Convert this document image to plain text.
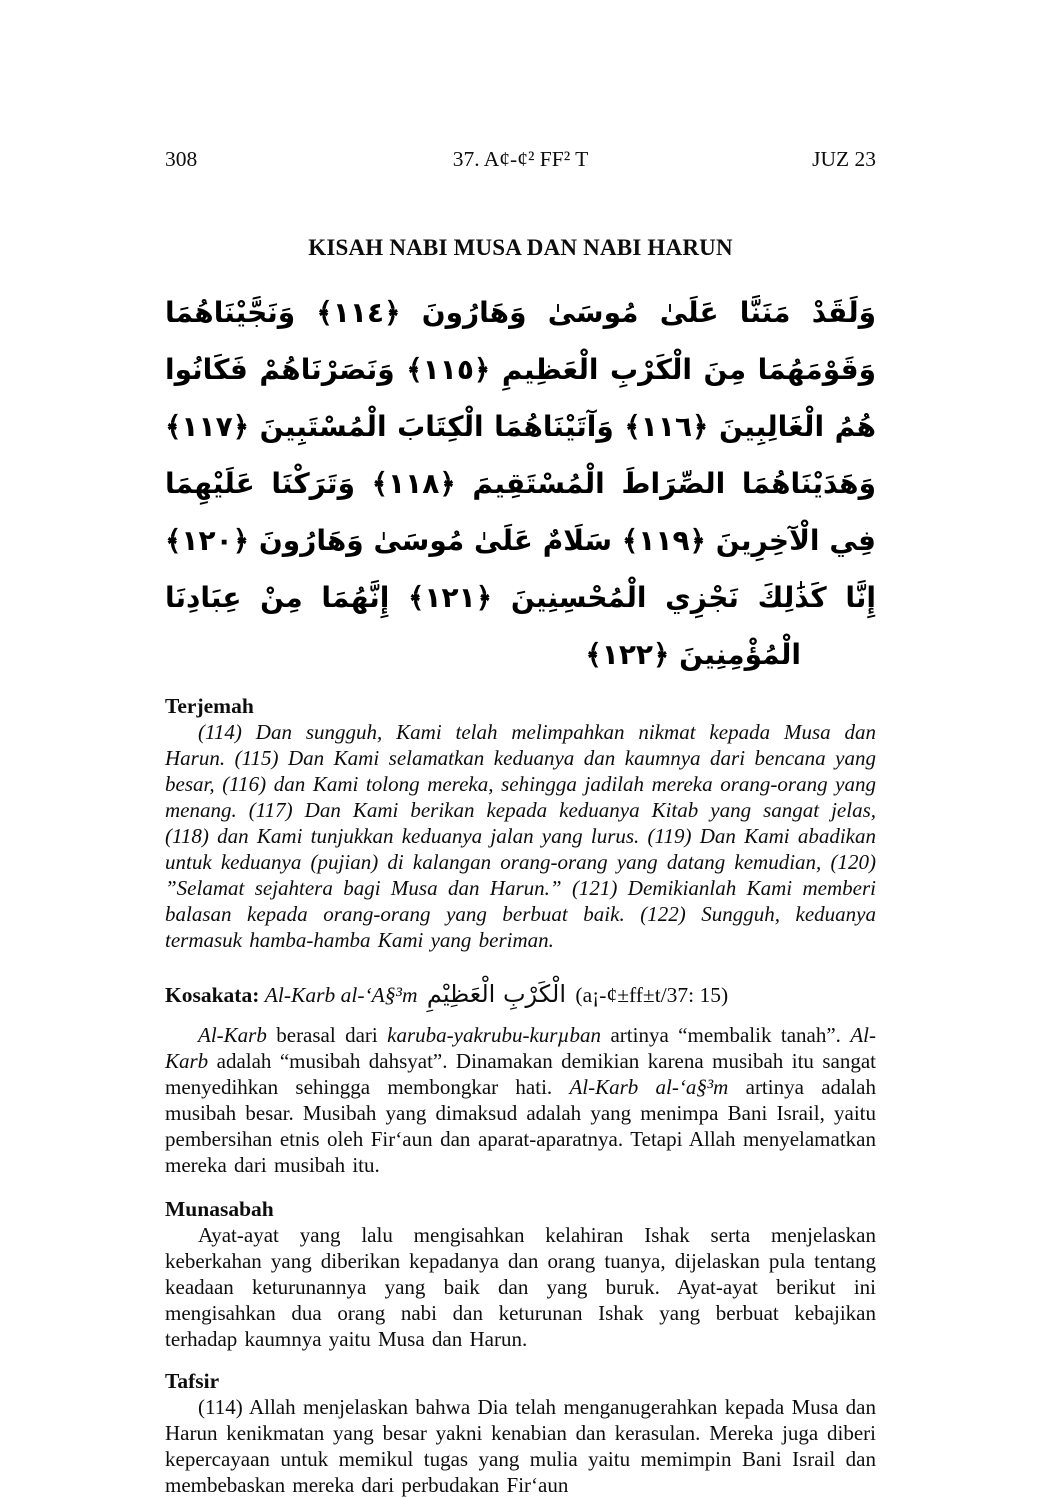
308	37. A¢-¢² FF² T	JUZ 23
KISAH NABI MUSA DAN NABI HARUN
وَلَقَدْ مَنَنَّا عَلَىٰ مُوسَىٰ وَهَارُونَ ﴿١١٤﴾ وَنَجَّيْنَاهُمَا وَقَوْمَهُمَا مِنَ الْكَرْبِ الْعَظِيمِ ﴿١١٥﴾ وَنَصَرْنَاهُمْ فَكَانُوا
هُمُ الْغَالِبِينَ ﴿١١٦﴾ وَآتَيْنَاهُمَا الْكِتَابَ الْمُسْتَبِينَ ﴿١١٧﴾ وَهَدَيْنَاهُمَا الصِّرَاطَ الْمُسْتَقِيمَ ﴿١١٨﴾ وَتَرَكْنَا عَلَيْهِمَا
فِي الْآخِرِينَ ﴿١١٩﴾ سَلَامٌ عَلَىٰ مُوسَىٰ وَهَارُونَ ﴿١٢٠﴾ إِنَّا كَذَٰلِكَ نَجْزِي الْمُحْسِنِينَ ﴿١٢١﴾ إِنَّهُمَا مِنْ عِبَادِنَا
الْمُؤْمِنِينَ ﴿١٢٢﴾
Terjemah

(114) Dan sungguh, Kami telah melimpahkan nikmat kepada Musa dan Harun. (115) Dan Kami selamatkan keduanya dan kaumnya dari bencana yang besar, (116) dan Kami tolong mereka, sehingga jadilah mereka orang-orang yang menang. (117) Dan Kami berikan kepada keduanya Kitab yang sangat jelas, (118) dan Kami tunjukkan keduanya jalan yang lurus. (119) Dan Kami abadikan untuk keduanya (pujian) di kalangan orang-orang yang datang kemudian, (120) ”Selamat sejahtera bagi Musa dan Harun.” (121) Demikianlah Kami memberi balasan kepada orang-orang yang berbuat baik. (122) Sungguh, keduanya termasuk hamba-hamba Kami yang beriman.

Kosakata: Al-Karb al-‘A§³m الْكَرْبِ الْعَظِيْمِ (a¡-¢±ff±t/37: 15)

Al-Karb berasal dari karuba-yakrubu-kurµban artinya “membalik tanah”. Al-Karb adalah “musibah dahsyat”. Dinamakan demikian karena musibah itu sangat menyedihkan sehingga membongkar hati. Al-Karb al-‘a§³m artinya adalah musibah besar. Musibah yang dimaksud adalah yang menimpa Bani Israil, yaitu pembersihan etnis oleh Fir‘aun dan aparat-aparatnya. Tetapi Allah menyelamatkan mereka dari musibah itu.

Munasabah

Ayat-ayat yang lalu mengisahkan kelahiran Ishak serta menjelaskan keberkahan yang diberikan kepadanya dan orang tuanya, dijelaskan pula tentang keadaan keturunannya yang baik dan yang buruk. Ayat-ayat berikut ini mengisahkan dua orang nabi dan keturunan Ishak yang berbuat kebajikan terhadap kaumnya yaitu Musa dan Harun.

Tafsir

(114) Allah menjelaskan bahwa Dia telah menganugerahkan kepada Musa dan Harun kenikmatan yang besar yakni kenabian dan kerasulan. Mereka juga diberi kepercayaan untuk memikul tugas yang mulia yaitu memimpin Bani Israil dan membebaskan mereka dari perbudakan Fir‘aun
